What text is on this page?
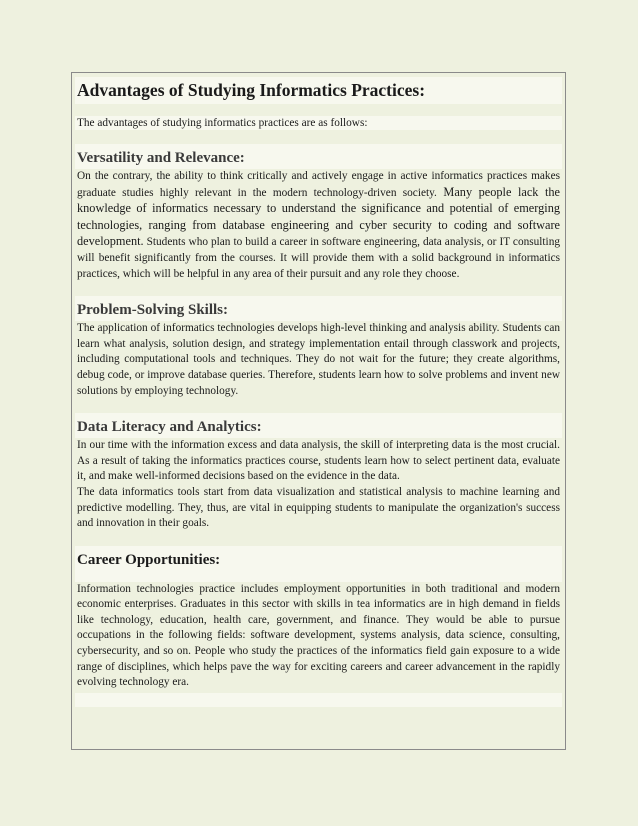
Advantages of Studying Informatics Practices:
The advantages of studying informatics practices are as follows:
Versatility and Relevance:

On the contrary, the ability to think critically and actively engage in active informatics practices makes graduate studies highly relevant in the modern technology-driven society. Many people lack the knowledge of informatics necessary to understand the significance and potential of emerging technologies, ranging from database engineering and cyber security to coding and software development. Students who plan to build a career in software engineering, data analysis, or IT consulting will benefit significantly from the courses. It will provide them with a solid background in informatics practices, which will be helpful in any area of their pursuit and any role they choose.

Problem-Solving Skills:

The application of informatics technologies develops high-level thinking and analysis ability. Students can learn what analysis, solution design, and strategy implementation entail through classwork and projects, including computational tools and techniques. They do not wait for the future; they create algorithms, debug code, or improve database queries. Therefore, students learn how to solve problems and invent new solutions by employing technology.

Data Literacy and Analytics:

In our time with the information excess and data analysis, the skill of interpreting data is the most crucial. As a result of taking the informatics practices course, students learn how to select pertinent data, evaluate it, and make well-informed decisions based on the evidence in the data.

The data informatics tools start from data visualization and statistical analysis to machine learning and predictive modelling. They, thus, are vital in equipping students to manipulate the organization's success and innovation in their goals.

Career Opportunities:

Information technologies practice includes employment opportunities in both traditional and modern economic enterprises. Graduates in this sector with skills in tea informatics are in high demand in fields like technology, education, health care, government, and finance. They would be able to pursue occupations in the following fields: software development, systems analysis, data science, consulting, cybersecurity, and so on. People who study the practices of the informatics field gain exposure to a wide range of disciplines, which helps pave the way for exciting careers and career advancement in the rapidly evolving technology era.
